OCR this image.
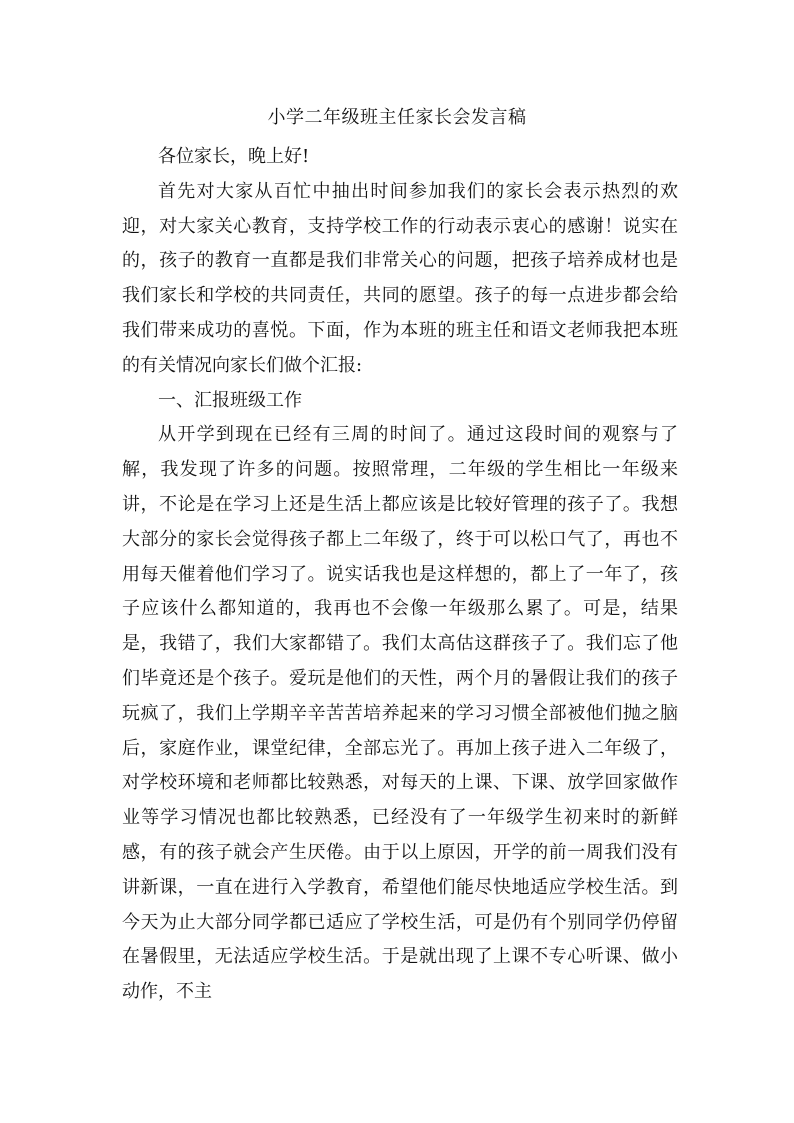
小学二年级班主任家长会发言稿

各位家长，晚上好!

首先对大家从百忙中抽出时间参加我们的家长会表示热烈的欢迎，对大家关心教育，支持学校工作的行动表示衷心的感谢！说实在的，孩子的教育一直都是我们非常关心的问题，把孩子培养成材也是我们家长和学校的共同责任，共同的愿望。孩子的每一点进步都会给我们带来成功的喜悦。下面，作为本班的班主任和语文老师我把本班的有关情况向家长们做个汇报:

一、汇报班级工作

从开学到现在已经有三周的时间了。通过这段时间的观察与了解，我发现了许多的问题。按照常理，二年级的学生相比一年级来讲，不论是在学习上还是生活上都应该是比较好管理的孩子了。我想大部分的家长会觉得孩子都上二年级了，终于可以松口气了，再也不用每天催着他们学习了。说实话我也是这样想的，都上了一年了，孩子应该什么都知道的，我再也不会像一年级那么累了。可是，结果是，我错了，我们大家都错了。我们太高估这群孩子了。我们忘了他们毕竟还是个孩子。爱玩是他们的天性，两个月的暑假让我们的孩子玩疯了，我们上学期辛辛苦苦培养起来的学习习惯全部被他们抛之脑后，家庭作业，课堂纪律，全部忘光了。再加上孩子进入二年级了，对学校环境和老师都比较熟悉，对每天的上课、下课、放学回家做作业等学习情况也都比较熟悉，已经没有了一年级学生初来时的新鲜感，有的孩子就会产生厌倦。由于以上原因，开学的前一周我们没有讲新课，一直在进行入学教育，希望他们能尽快地适应学校生活。到今天为止大部分同学都已适应了学校生活，可是仍有个别同学仍停留在暑假里，无法适应学校生活。于是就出现了上课不专心听课、做小动作，不主
